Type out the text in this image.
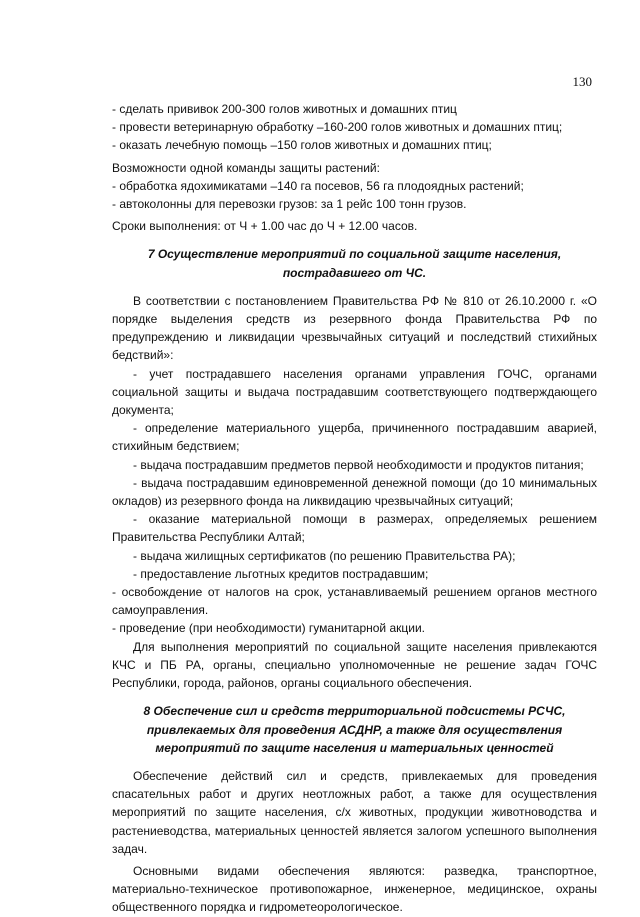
130

- сделать прививок 200-300 голов животных и домашних птиц

- провести ветеринарную обработку –160-200 голов животных и домашних птиц;

- оказать лечебную помощь –150 голов животных и домашних птиц;

Возможности одной команды защиты растений:

- обработка ядохимикатами –140 га посевов, 56 га плодоядных растений;

- автоколонны для перевозки грузов: за 1 рейс 100 тонн грузов.

Сроки выполнения: от Ч + 1.00 час до Ч + 12.00 часов.

7 Осуществление мероприятий по социальной защите населения, пострадавшего от ЧС.

В соответствии с постановлением Правительства РФ № 810 от 26.10.2000 г. «О порядке выделения средств из резервного фонда Правительства РФ по предупреждению и ликвидации чрезвычайных ситуаций и последствий стихийных бедствий»:

- учет пострадавшего населения органами управления ГОЧС, органами социальной защиты и выдача пострадавшим соответствующего подтверждающего документа;

- определение материального ущерба, причиненного пострадавшим аварией, стихийным бедствием;

- выдача пострадавшим предметов первой необходимости и продуктов питания;

- выдача пострадавшим единовременной денежной помощи (до 10 минимальных окладов) из резервного фонда на ликвидацию чрезвычайных ситуаций;

- оказание материальной помощи в размерах, определяемых решением Правительства Республики Алтай;

- выдача жилищных сертификатов (по решению Правительства РА);

- предоставление льготных кредитов пострадавшим;

- освобождение от налогов на срок, устанавливаемый решением органов местного самоуправления.

- проведение (при необходимости) гуманитарной акции.

Для выполнения мероприятий по социальной защите населения привлекаются КЧС и ПБ РА, органы, специально уполномоченные не решение задач ГОЧС Республики, города, районов, органы социального обеспечения.

8 Обеспечение сил и средств территориальной подсистемы РСЧС, привлекаемых для проведения АСДНР, а также для осуществления мероприятий по защите населения и материальных ценностей

Обеспечение действий сил и средств, привлекаемых для проведения спасательных работ и других неотложных работ, а также для осуществления мероприятий по защите населения, с/х животных, продукции животноводства и растениеводства, материальных ценностей является залогом успешного выполнения задач.

Основными видами обеспечения являются: разведка, транспортное, материально-техническое противопожарное, инженерное, медицинское, охраны общественного порядка и гидрометеорологическое.
